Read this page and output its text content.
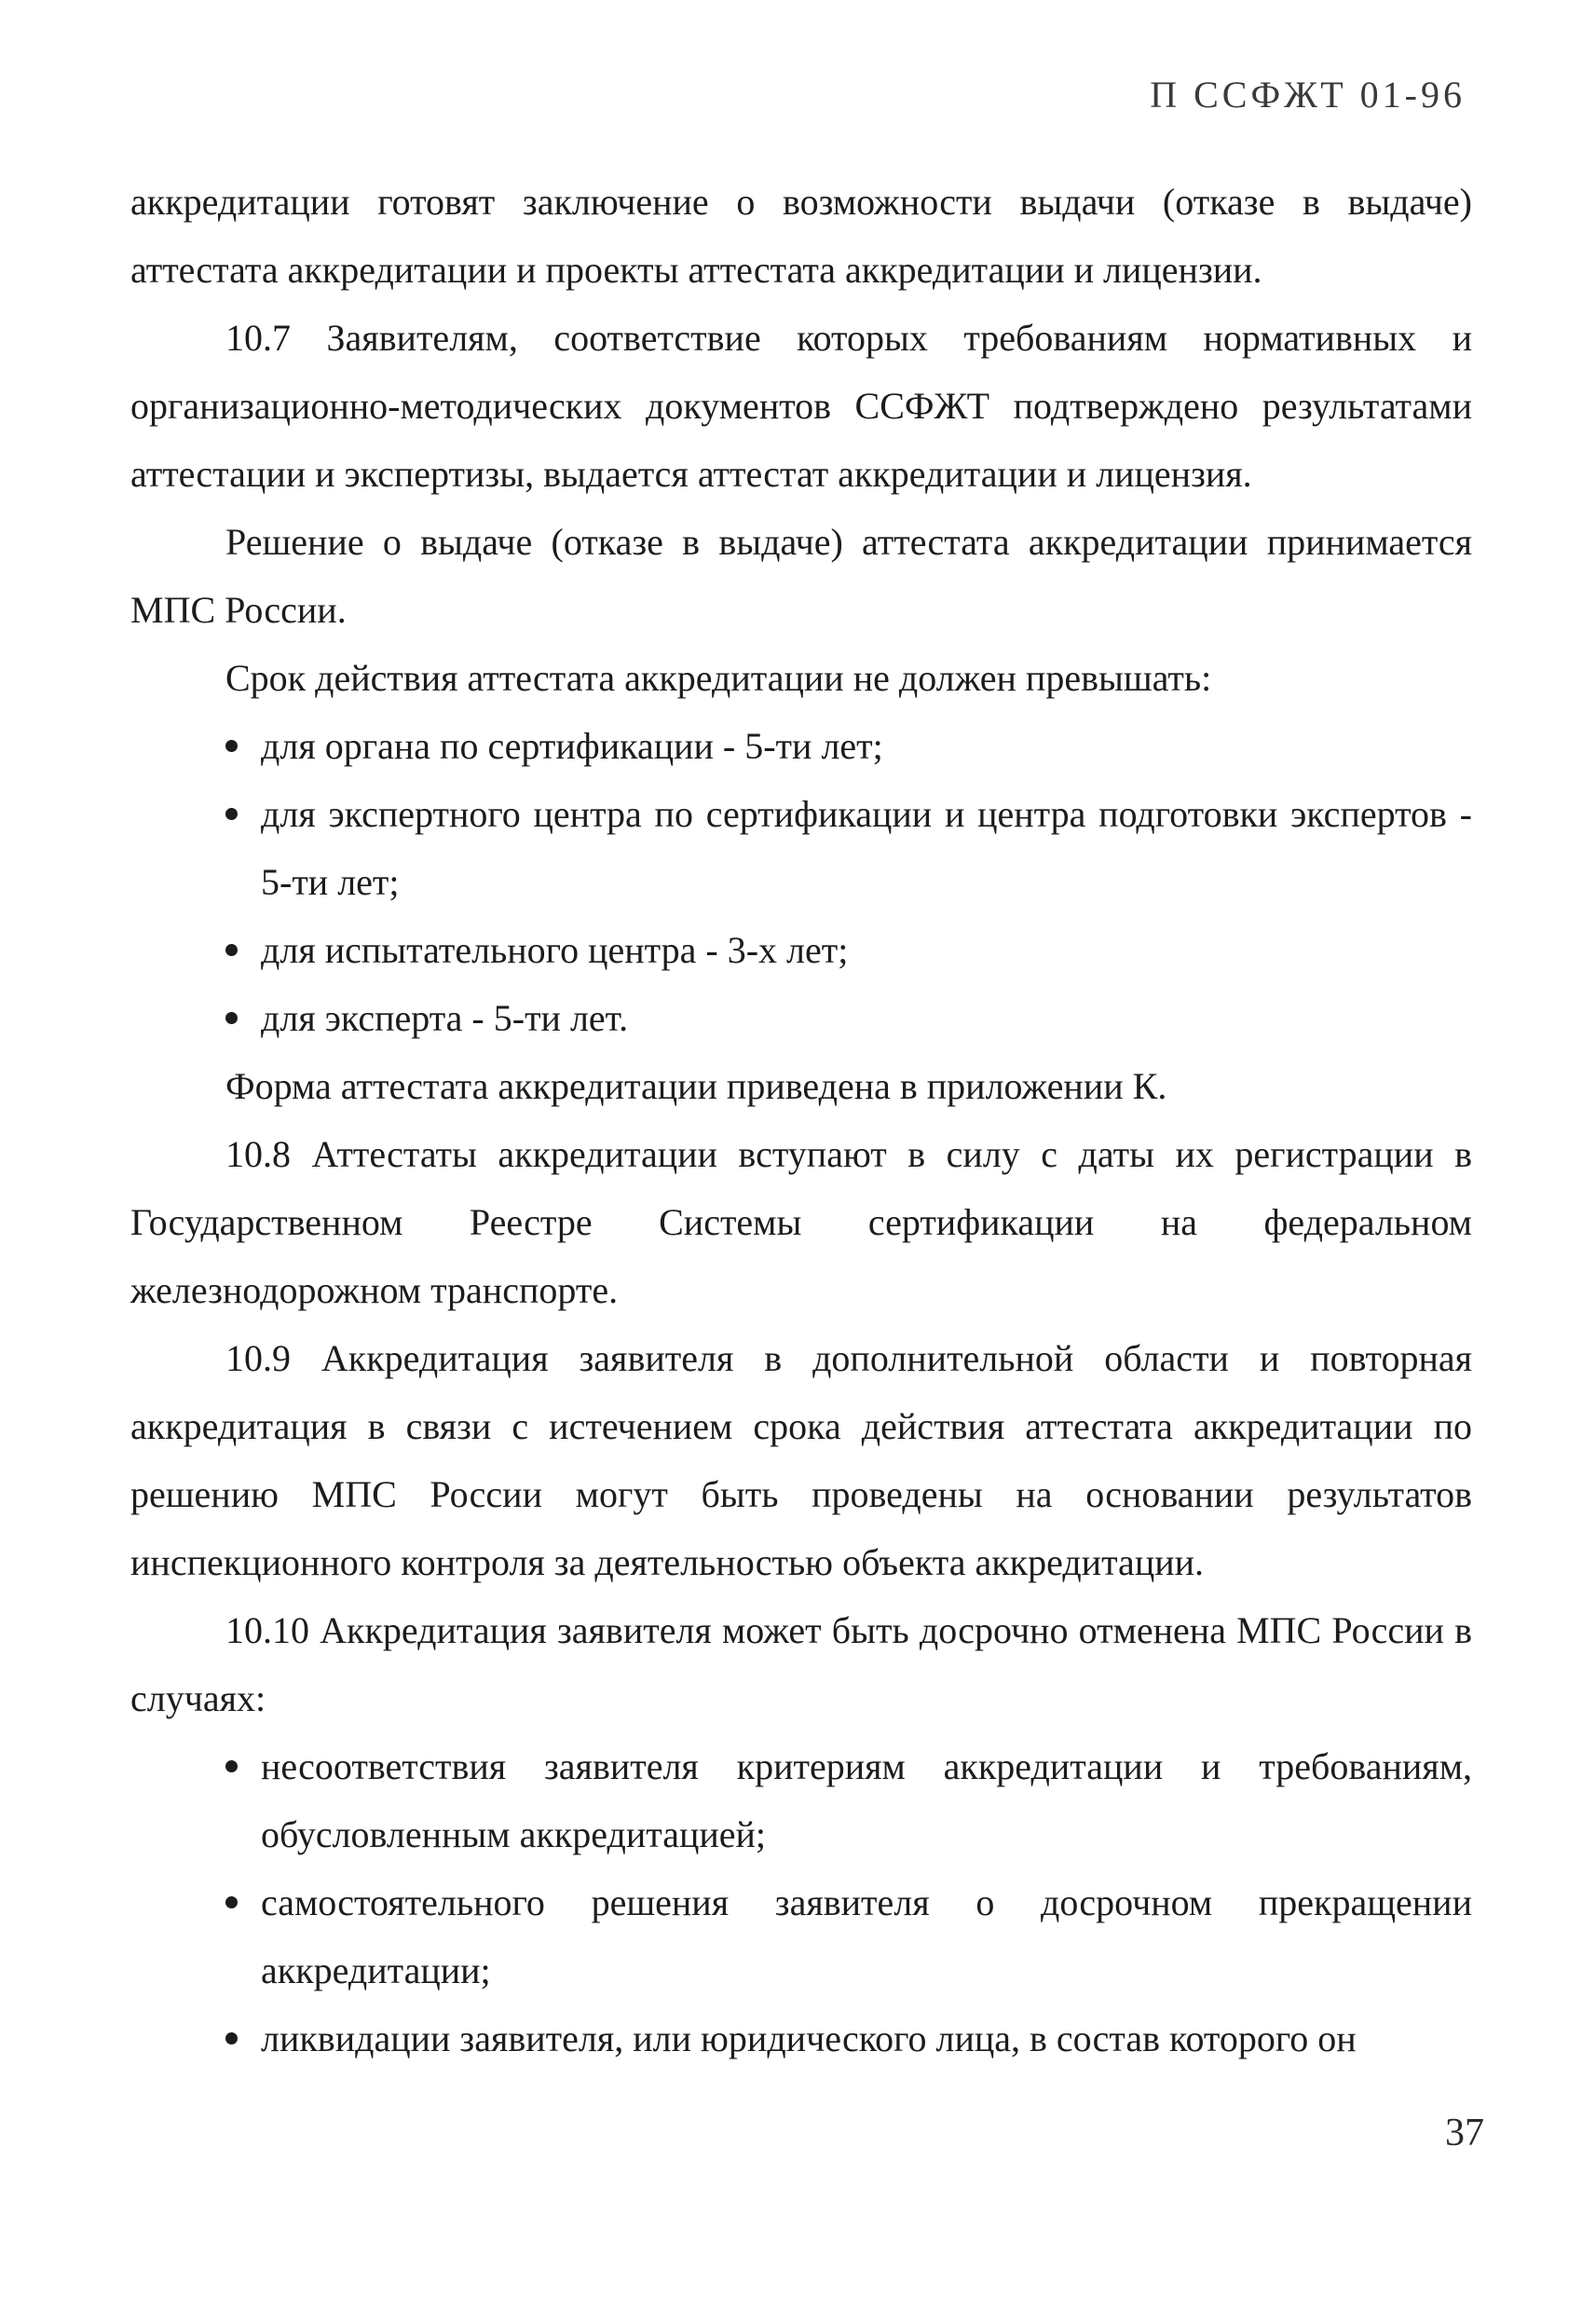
П ССФЖТ 01-96

аккредитации готовят заключение о возможности выдачи (отказе в выдаче) аттестата аккредитации и проекты аттестата аккредитации и лицензии.

10.7 Заявителям, соответствие которых требованиям нормативных и организационно-методических документов ССФЖТ подтверждено результатами аттестации и экспертизы, выдается аттестат аккредитации и лицензия.

Решение о выдаче (отказе в выдаче) аттестата аккредитации принимается МПС России.

Срок действия аттестата аккредитации не должен превышать:

для органа по сертификации - 5-ти лет;
для экспертного центра по сертификации и центра подготовки экспертов - 5-ти лет;
для испытательного центра - 3-х лет;
для эксперта - 5-ти лет.

Форма аттестата аккредитации приведена в приложении К.

10.8 Аттестаты аккредитации вступают в силу с даты их регистрации в Государственном Реестре Системы сертификации на федеральном железнодорожном транспорте.

10.9 Аккредитация заявителя в дополнительной области и повторная аккредитация в связи с истечением срока действия аттестата аккредитации по решению МПС России могут быть проведены на основании результатов инспекционного контроля за деятельностью объекта аккредитации.

10.10 Аккредитация заявителя может быть досрочно отменена МПС России в случаях:

несоответствия заявителя критериям аккредитации и требованиям, обусловленным аккредитацией;
самостоятельного решения заявителя о досрочном прекращении аккредитации;
ликвидации заявителя, или юридического лица, в состав которого он
37
